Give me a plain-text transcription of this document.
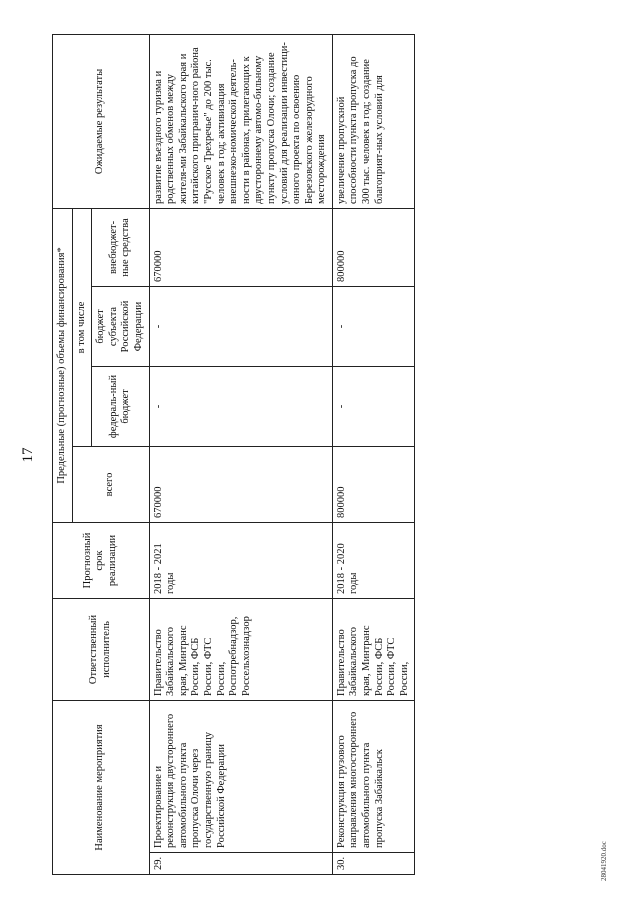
17
Наименование мероприятия		Ответственный исполнитель	Прогнозный срок реализации	Предельные (прогнозные) объемы финансирования*				Ожидаемые результаты
				всего	в том числе			
					федераль-ный бюджет	бюджет субъекта Российской Федерации	внебюджет-ные средства	
29.	Проектирование и реконструкция двустороннего автомобильного пункта пропуска Олочи через государственную границу Российской Федерации	Правительство Забайкальского края, Минтранс России, ФСБ России, ФТС России, Роспотребнадзор, Россельхознадзор	2018 - 2021 годы	670000	-	-	670000	развитие въездного туризма и родственных обменов между жителя-ми Забайкальского края и китайского пригранич-ного района "Русское Трехречье" до 200 тыс. человек в год; активизация внешнеэко-номической деятель-ности в районах, прилегающих к двустороннему автомо-бильному пункту пропуска Олочи; создание условий для реализации инвестици-онного проекта по освоению Березовского железорудного месторождения
30.	Реконструкция грузового направления многостороннего автомобильного пункта пропуска Забайкальск	Правительство Забайкальского края, Минтранс России, ФСБ России, ФТС России,	2018 - 2020 годы	800000	-	-	800000	увеличение пропускной способности пункта пропуска до 300 тыс. человек в год; создание благоприят-ных условий для
28041920.doc
